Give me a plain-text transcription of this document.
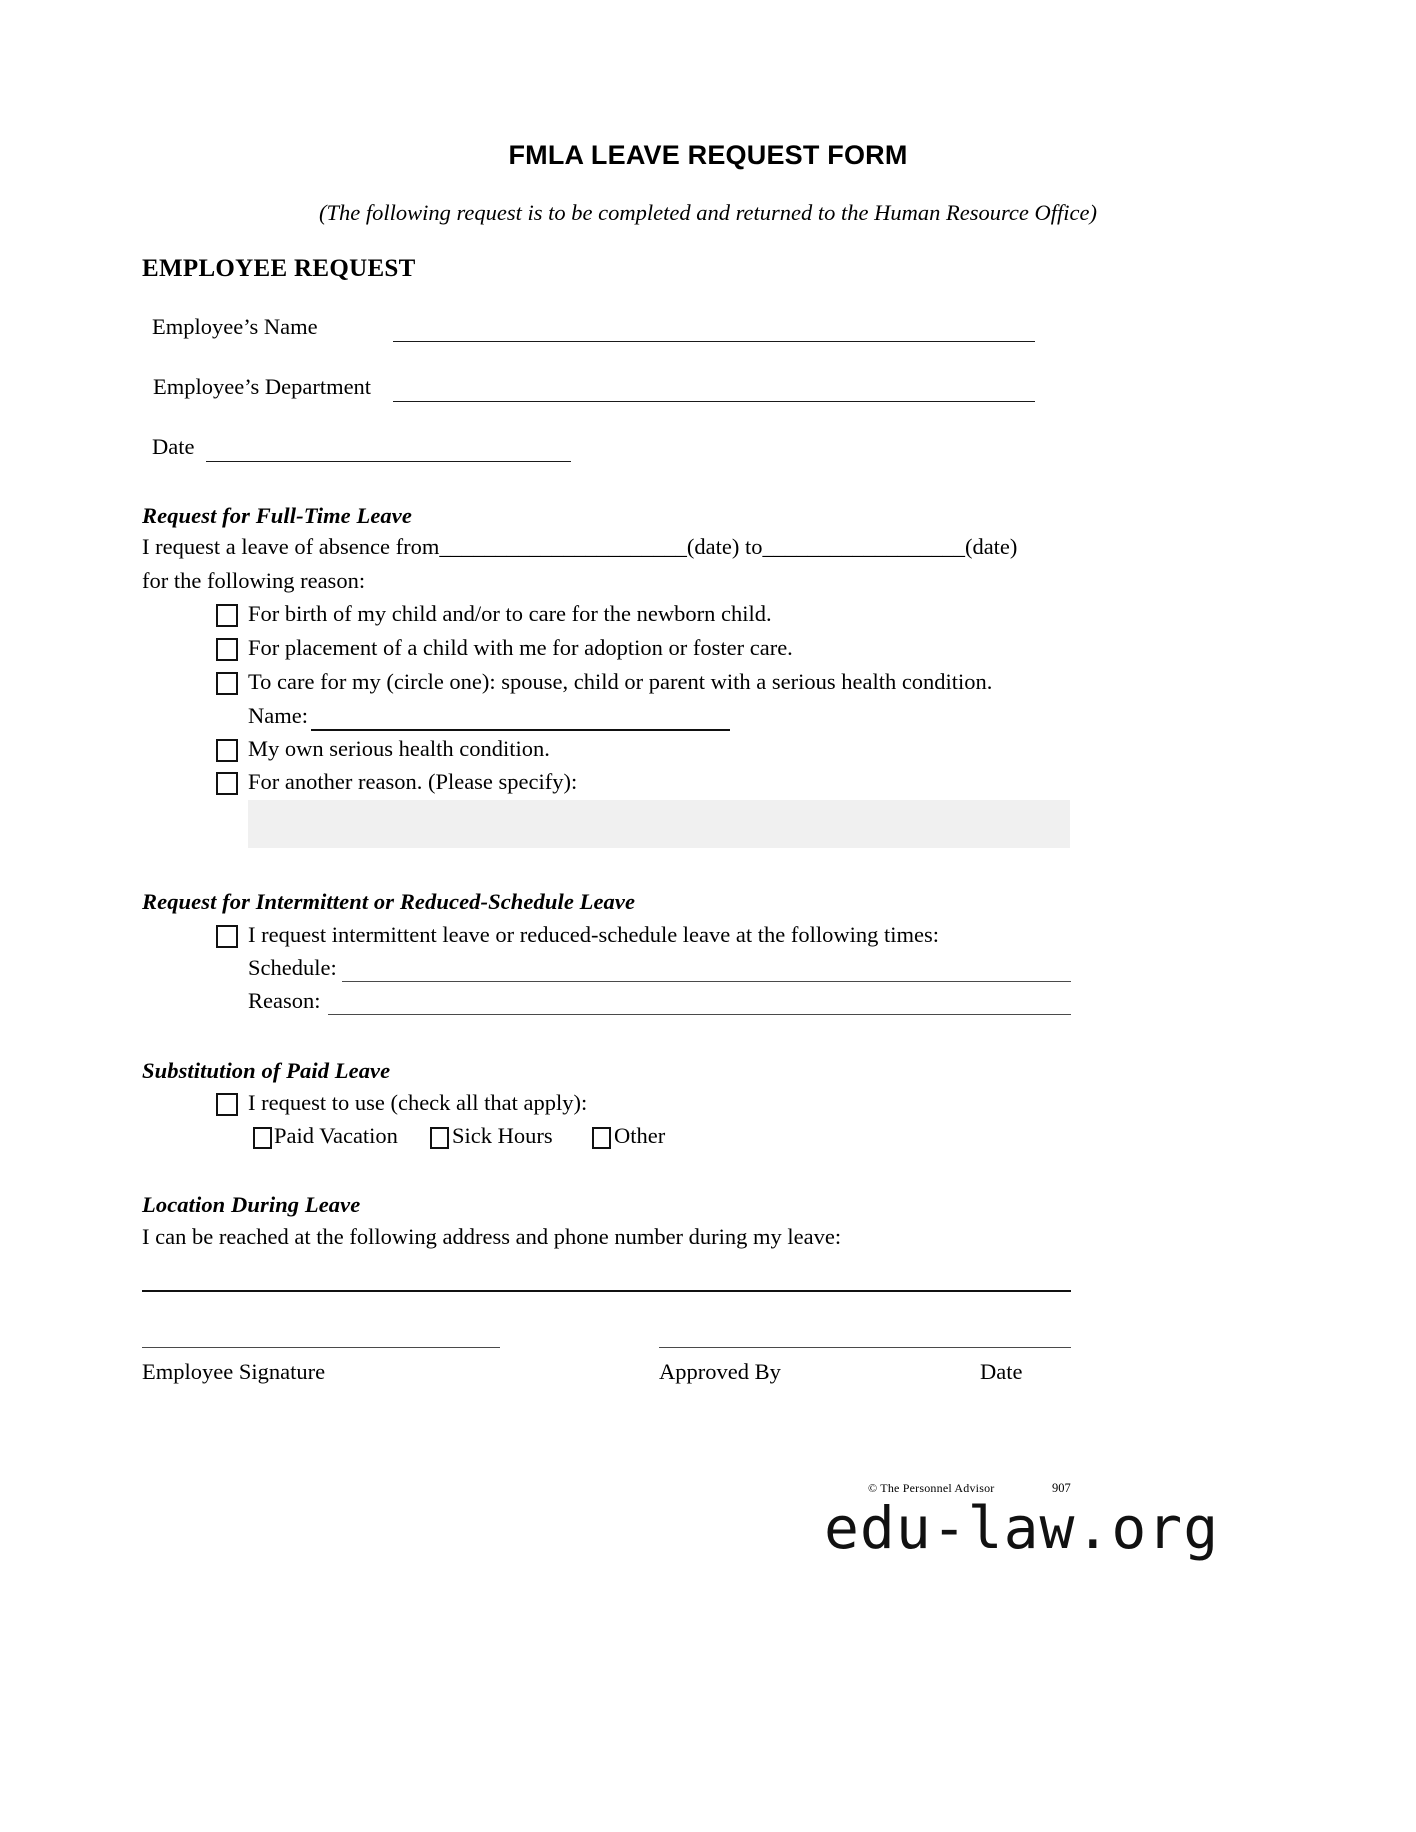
FMLA LEAVE REQUEST FORM
(The following request is to be completed and returned to the Human Resource Office)
EMPLOYEE REQUEST
Employee’s Name
Employee’s Department
Date
Request for Full-Time Leave
I request a leave of absence from______________________(date) to__________________(date)
for the following reason:
For birth of my child and/or to care for the newborn child.
For placement of a child with me for adoption or foster care.
To care for my (circle one): spouse, child or parent with a serious health condition.
Name:
My own serious health condition.
For another reason. (Please specify):
Request for Intermittent or Reduced-Schedule Leave
I request intermittent leave or reduced-schedule leave at the following times:
Schedule:
Reason:
Substitution of Paid Leave
I request to use (check all that apply):
Paid Vacation Sick Hours	Other
Location During Leave
I can be reached at the following address and phone number during my leave:
Employee Signature	Approved By	Date
© The Personnel Advisor	907
edu-law.org
